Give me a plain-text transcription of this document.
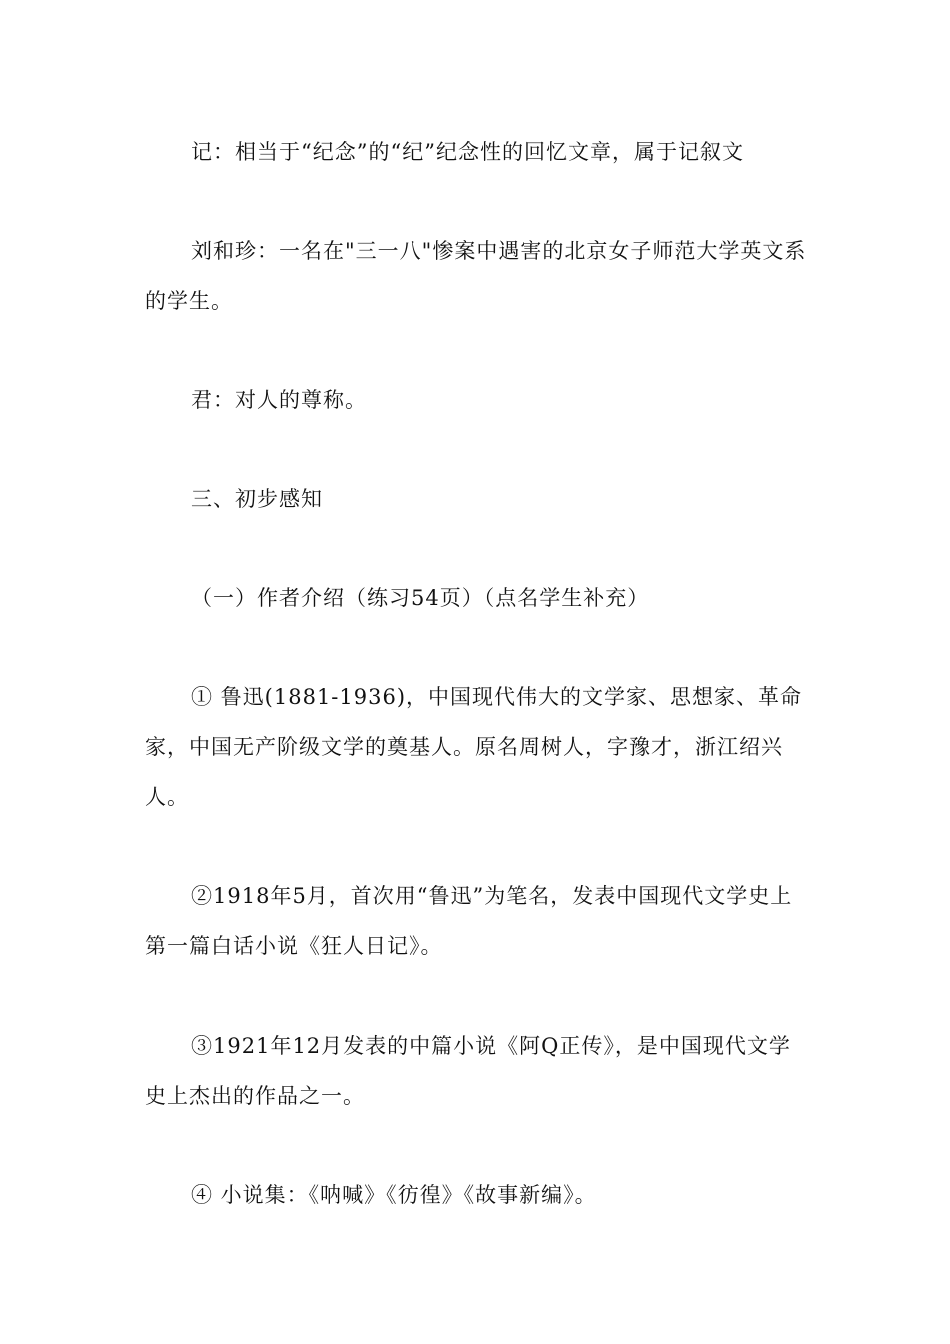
记：相当于“纪念”的“纪”纪念性的回忆文章，属于记叙文

刘和珍：一名在"三一八"惨案中遇害的北京女子师范大学英文系的学生。

君：对人的尊称。

三、初步感知

（一）作者介绍（练习54页）（点名学生补充）

① 鲁迅(1881-1936)，中国现代伟大的文学家、思想家、革命家，中国无产阶级文学的奠基人。原名周树人，字豫才，浙江绍兴人。

②1918年5月，首次用“鲁迅”为笔名，发表中国现代文学史上第一篇白话小说《狂人日记》。

③1921年12月发表的中篇小说《阿Q正传》，是中国现代文学史上杰出的作品之一。

④ 小说集：《呐喊》《彷徨》《故事新编》。
